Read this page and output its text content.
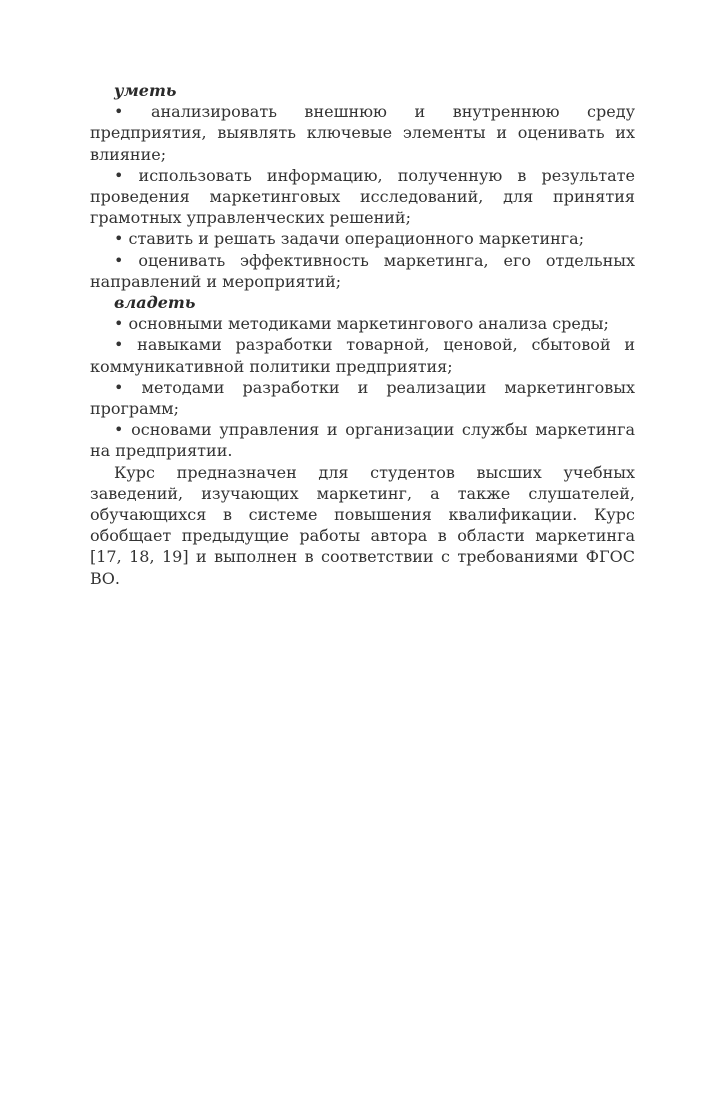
уметь

• анализировать внешнюю и внутреннюю среду предприятия, выявлять ключевые элементы и оценивать их влияние;

• использовать информацию, полученную в результате проведения маркетинговых исследований, для принятия грамотных управленческих решений;

• ставить и решать задачи операционного маркетинга;

• оценивать эффективность маркетинга, его отдельных направлений и мероприятий;

владеть

• основными методиками маркетингового анализа среды;

• навыками разработки товарной, ценовой, сбытовой и коммуникативной политики предприятия;

• методами разработки и реализации маркетинговых программ;

• основами управления и организации службы маркетинга на предприятии.

Курс предназначен для студентов высших учебных заведений, изучающих маркетинг, а также слушателей, обучающихся в системе повышения квалификации. Курс обобщает предыдущие работы автора в области маркетинга [17, 18, 19] и выполнен в соответствии с требованиями ФГОС ВО.
